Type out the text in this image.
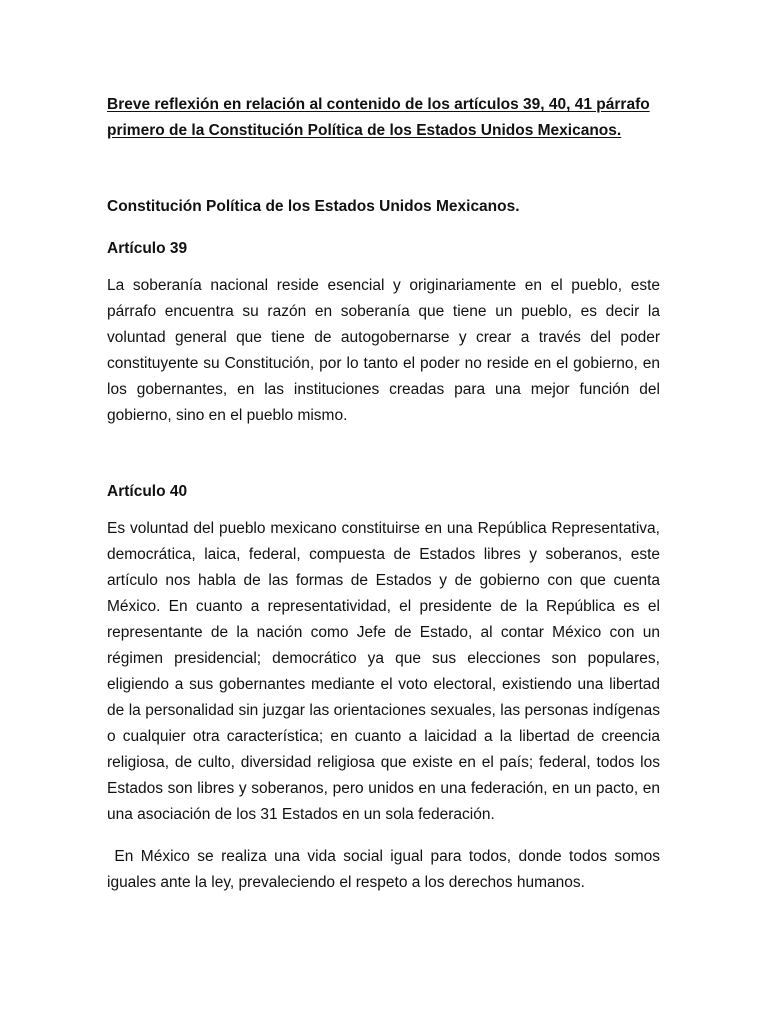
Breve reflexión en relación al contenido de los artículos 39, 40, 41 párrafo primero de la Constitución Política de los Estados Unidos Mexicanos.

Constitución Política de los Estados Unidos Mexicanos.

Artículo 39

La soberanía nacional reside esencial y originariamente en el pueblo, este párrafo encuentra su razón en soberanía que tiene un pueblo, es decir la voluntad general que tiene de autogobernarse y crear a través del poder constituyente su Constitución, por lo tanto el poder no reside en el gobierno, en los gobernantes, en las instituciones creadas para una mejor función del gobierno, sino en el pueblo mismo.

Artículo 40

Es voluntad del pueblo mexicano constituirse en una República Representativa, democrática, laica, federal, compuesta de Estados libres y soberanos, este artículo nos habla de las formas de Estados y de gobierno con que cuenta México. En cuanto a representatividad, el presidente de la República es el representante de la nación como Jefe de Estado, al contar México con un régimen presidencial; democrático ya que sus elecciones son populares, eligiendo a sus gobernantes mediante el voto electoral, existiendo una libertad de la personalidad sin juzgar las orientaciones sexuales, las personas indígenas o cualquier otra característica; en cuanto a laicidad a la libertad de creencia religiosa, de culto, diversidad religiosa que existe en el país; federal, todos los Estados son libres y soberanos, pero unidos en una federación, en un pacto, en una asociación de los 31 Estados en un sola federación.

En México se realiza una vida social igual para todos, donde todos somos iguales ante la ley, prevaleciendo el respeto a los derechos humanos.
